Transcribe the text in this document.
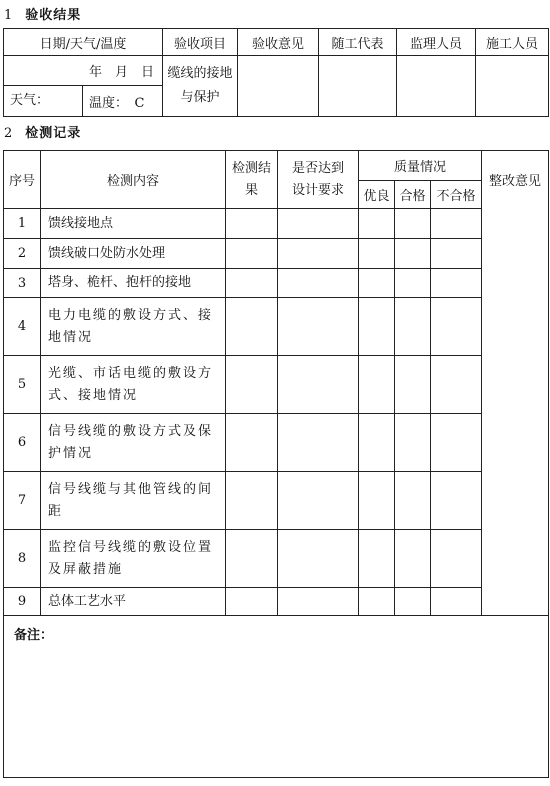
1 验收结果
日期/天气/温度	验收项目	验收意见	随工代表	监理人员	施工人员
年　月　日	缆线的接地与保护				

天气： 温度：　C					
2 检测记录
序号	检测内容	检测结果	是否达到设计要求	质量情况			整改意见
				优良	合格	不合格	
1	馈线接地点						
2	馈线破口处防水处理						
3	塔身、桅杆、抱杆的接地						
4	电力电缆的敷设方式、接地情况						
5	光缆、市话电缆的敷设方式、接地情况						
6	信号线缆的敷设方式及保护情况						
7	信号线缆与其他管线的间距						
8	监控信号线缆的敷设位置及屏蔽措施						
9	总体工艺水平						
备注：							
